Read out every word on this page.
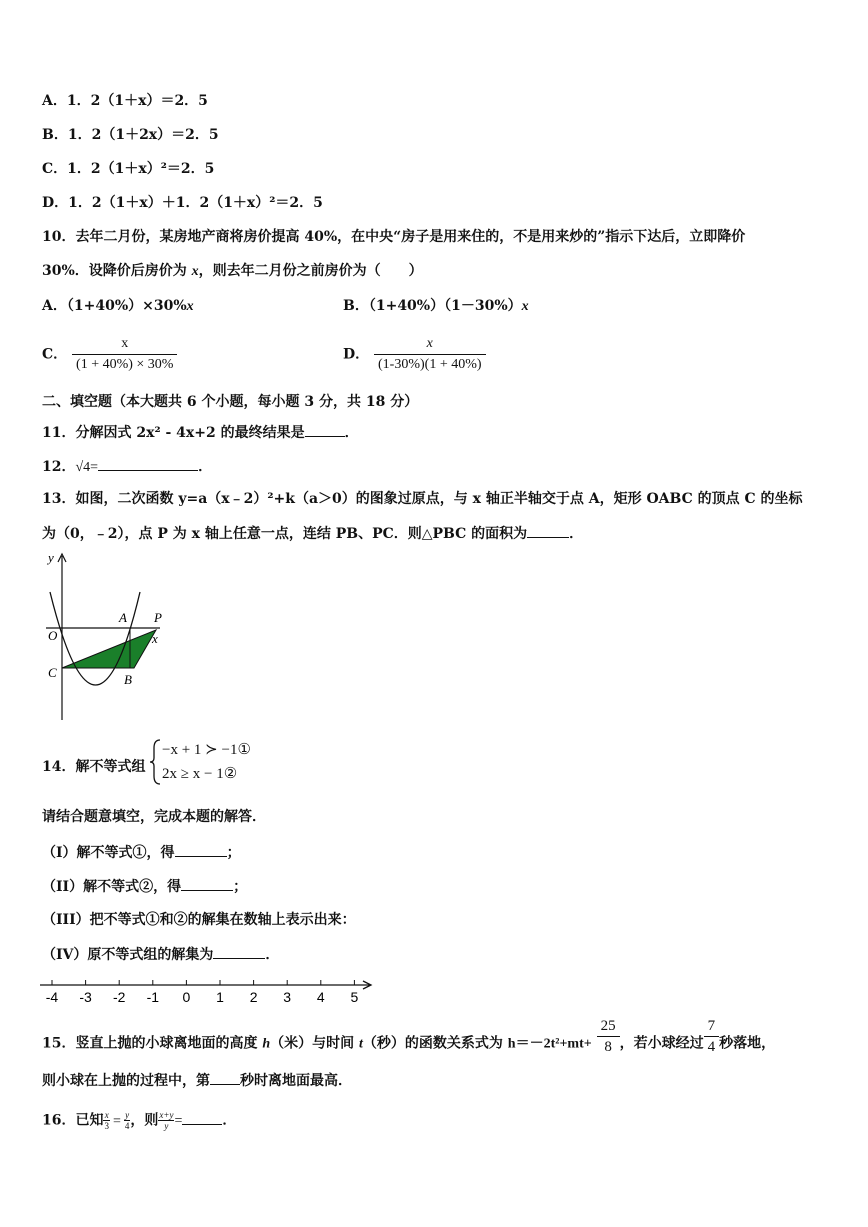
A．1．2（1＋x）＝2．5
B．1．2（1＋2x）＝2．5
C．1．2（1＋x）²＝2．5
D．1．2（1＋x）＋1．2（1＋x）²＝2．5
10．去年二月份，某房地产商将房价提高 40%，在中央“房子是用来住的，不是用来炒的”指示下达后，立即降价
30%．设降价后房价为 x，则去年二月份之前房价为（　　）
A．（1+40%）×30%x	B．（1+40%）（1－30%）x
C． $\frac{x}{(1 + 40\%) \times 30\%}$	D． $\frac{x}{(1‑30\%)(1 + 40\%)}$
二、填空题（本大题共 6 个小题，每小题 3 分，共 18 分）
11．分解因式 2x² ‑ 4x+2 的最终结果是	．
12．√4=	．
13．如图，二次函数 y=a（x﹣2）²+k（a＞0）的图象过原点，与 x 轴正半轴交于点 A，矩形 OABC 的顶点 C 的坐标
为（0，﹣2），点 P 为 x 轴上任意一点，连结 PB、PC．则△PBC 的面积为	．
y
x
O
A P
C	B
14．解不等式组
−x + 1 ≻ −1①
2x ≥ x − 1②
请结合题意填空，完成本题的解答．
（I）解不等式①，得	；
（II）解不等式②，得	；
（III）把不等式①和②的解集在数轴上表示出来：
（IV）原不等式组的解集为	．
-4 -3 -2 -1 0 1 2 3 4 5
15．竖直上抛的小球离地面的高度 h（米）与时间 t（秒）的函数关系式为 $h=-2t^2+mt+ \frac{25}{8}$ ，若小球经过 $\frac{7}{4}$ 秒落地，
则小球在上抛的过程中，第 秒时离地面最高．
16．已知 $\frac{x}{3} = \frac{y}{4}$ ，则 $\frac{x+y}{y}$ =	．
